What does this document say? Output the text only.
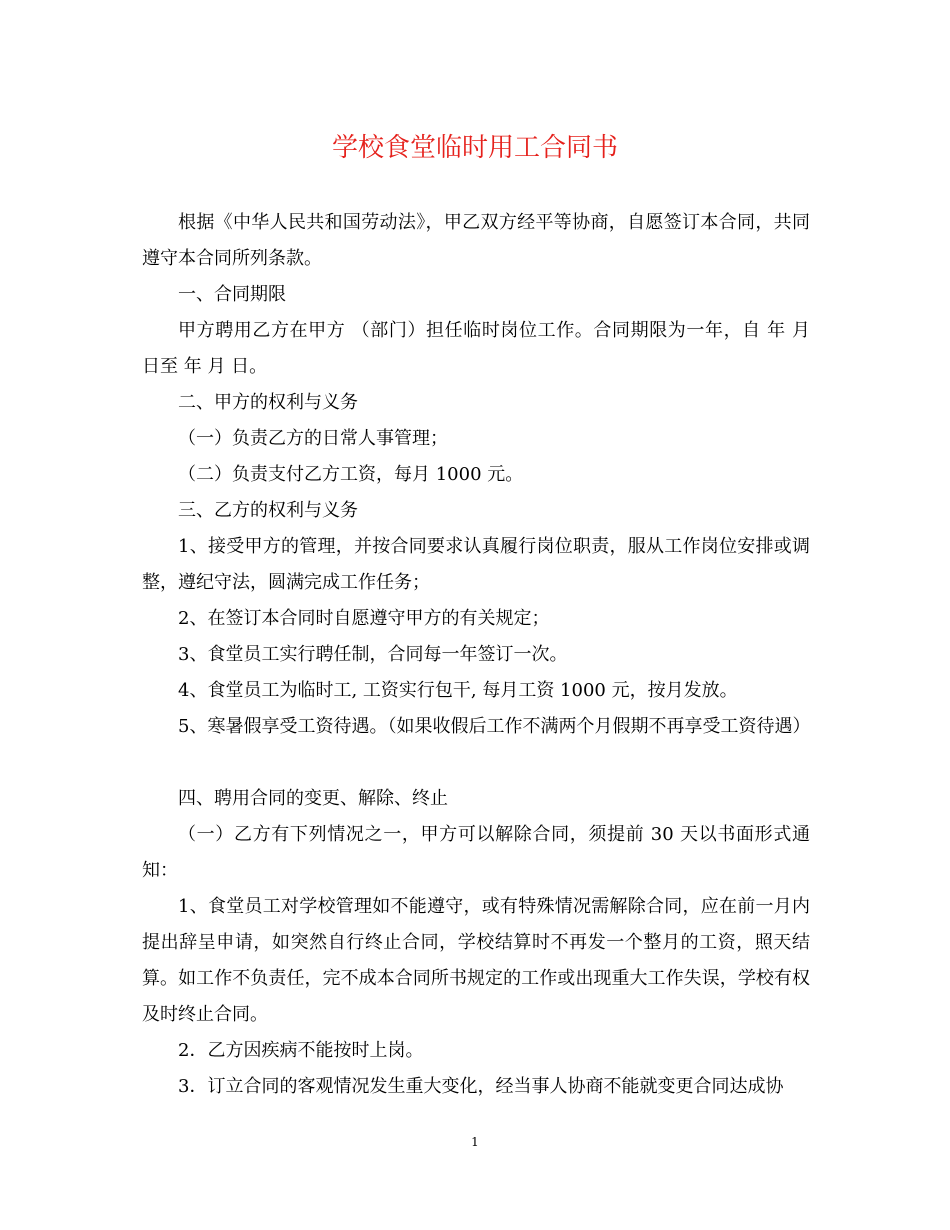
学校食堂临时用工合同书

根据《中华人民共和国劳动法》，甲乙双方经平等协商，自愿签订本合同，共同遵守本合同所列条款。

一、合同期限

甲方聘用乙方在甲方 （部门）担任临时岗位工作。合同期限为一年，自 年 月 日至 年 月 日。

二、甲方的权利与义务

（一）负责乙方的日常人事管理；

（二）负责支付乙方工资，每月 1000 元。

三、乙方的权利与义务

1、接受甲方的管理，并按合同要求认真履行岗位职责，服从工作岗位安排或调整，遵纪守法，圆满完成工作任务；

2、在签订本合同时自愿遵守甲方的有关规定；

3、食堂员工实行聘任制，合同每一年签订一次。

4、食堂员工为临时工, 工资实行包干, 每月工资 1000 元，按月发放。

5、寒暑假享受工资待遇。（如果收假后工作不满两个月假期不再享受工资待遇）

四、聘用合同的变更、解除、终止

（一）乙方有下列情况之一，甲方可以解除合同，须提前 30 天以书面形式通知：

1、食堂员工对学校管理如不能遵守，或有特殊情况需解除合同，应在前一月内提出辞呈申请，如突然自行终止合同，学校结算时不再发一个整月的工资，照天结算。如工作不负责任，完不成本合同所书规定的工作或出现重大工作失误，学校有权及时终止合同。

2．乙方因疾病不能按时上岗。

3．订立合同的客观情况发生重大变化，经当事人协商不能就变更合同达成协

1
